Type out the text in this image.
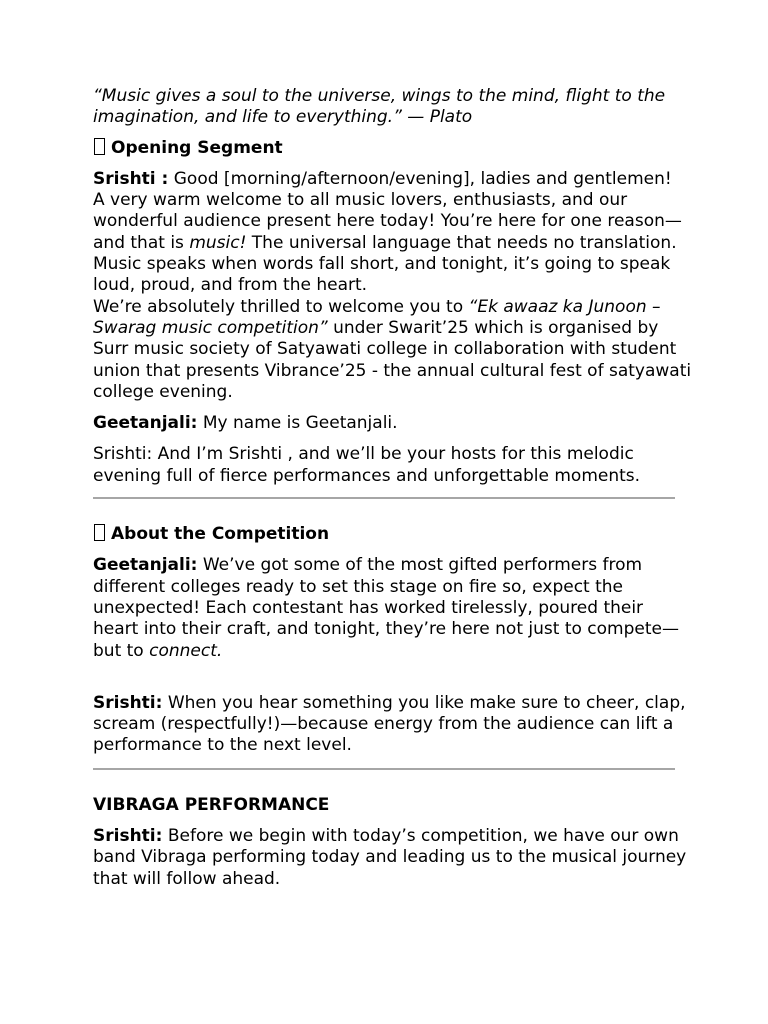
“Music gives a soul to the universe, wings to the mind, flight to the imagination, and life to everything.” — Plato

Opening Segment

Srishti : Good [morning/afternoon/evening], ladies and gentlemen!
A very warm welcome to all music lovers, enthusiasts, and our wonderful audience present here today! You’re here for one reason—and that is music! The universal language that needs no translation. Music speaks when words fall short, and tonight, it’s going to speak loud, proud, and from the heart.
We’re absolutely thrilled to welcome you to “Ek awaaz ka Junoon – Swarag music competition” under Swarit’25 which is organised by Surr music society of Satyawati college in collaboration with student union that presents Vibrance’25 - the annual cultural fest of satyawati college evening.

Geetanjali: My name is Geetanjali.

Srishti: And I’m Srishti , and we’ll be your hosts for this melodic evening full of fierce performances and unforgettable moments.

About the Competition

Geetanjali: We’ve got some of the most gifted performers from different colleges ready to set this stage on fire so, expect the unexpected! Each contestant has worked tirelessly, poured their heart into their craft, and tonight, they’re here not just to compete—but to connect.

Srishti: When you hear something you like make sure to cheer, clap, scream (respectfully!)—because energy from the audience can lift a performance to the next level.

VIBRAGA PERFORMANCE

Srishti: Before we begin with today’s competition, we have our own band Vibraga performing today and leading us to the musical journey that will follow ahead.
